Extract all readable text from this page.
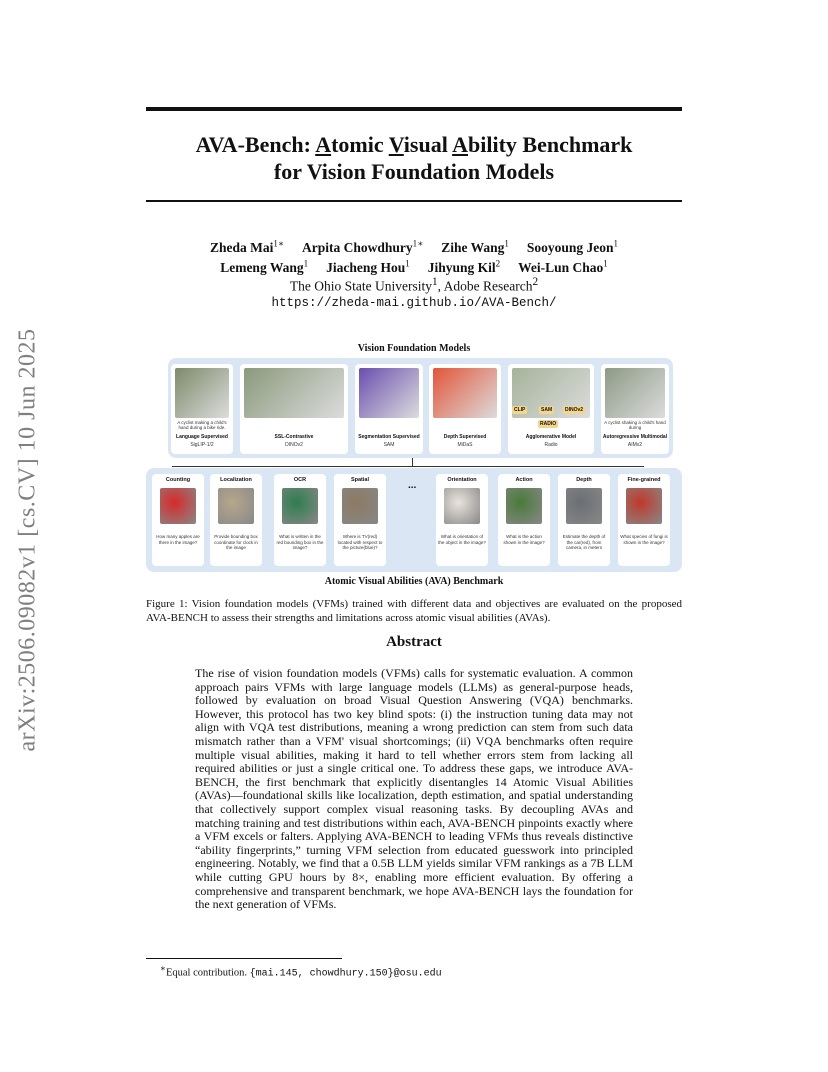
arXiv:2506.09082v1 [cs.CV] 10 Jun 2025
AVA-Bench: Atomic Visual Ability Benchmark
for Vision Foundation Models
Zheda Mai$^{1∗}$ Arpita Chowdhury$^{1∗}$ Zihe Wang$^1$ Sooyoung Jeon$^1$
Lemeng Wang$^1$ Jiacheng Hou$^1$ Jihyung Kil$^2$ Wei-Lun Chao$^1$
The Ohio State University$^1$, Adobe Research$^2$
https://zheda-mai.github.io/AVA-Bench/
Vision Foundation Models
A cyclist making a child's hand during a bike ride.
Language Supervised
SigLIP-1/2
SSL-Contrastive
DINOv2
Segmentation Supervised
SAM
Depth Supervised
MiDaS
Agglomerative Model
Radio
CLIP	SAM	DINOv2
RADIO	A cyclist shaking a child's hand during
Autoregressive Multimodal
AIMv2
Counting
How many apples are there in the image?
Localization
Provide bounding box coordinate for clock in the image
OCR
What is written in the red bounding box in the image?
Spatial
Where is TV(red) located with respect to the picture(blue)?
Orientation
What is orientation of the object in the image?
Action
What is the action shown in the image?
Depth
Estimate the depth of the car(red), from camera, in meters
Fine-grained
What species of fungi is shown in the image?
...
Atomic Visual Abilities (AVA) Benchmark
Figure 1: Vision foundation models (VFMs) trained with different data and objectives are evaluated on the proposed AVA-BENCH to assess their strengths and limitations across atomic visual abilities (AVAs).
Abstract
The rise of vision foundation models (VFMs) calls for systematic evaluation. A common approach pairs VFMs with large language models (LLMs) as general-purpose heads, followed by evaluation on broad Visual Question Answering (VQA) benchmarks. However, this protocol has two key blind spots: (i) the instruction tuning data may not align with VQA test distributions, meaning a wrong prediction can stem from such data mismatch rather than a VFM' visual shortcomings; (ii) VQA benchmarks often require multiple visual abilities, making it hard to tell whether errors stem from lacking all required abilities or just a single critical one. To address these gaps, we introduce AVA-BENCH, the first benchmark that explicitly disentangles 14 Atomic Visual Abilities (AVAs)—foundational skills like localization, depth estimation, and spatial understanding that collectively support complex visual reasoning tasks. By decoupling AVAs and matching training and test distributions within each, AVA-BENCH pinpoints exactly where a VFM excels or falters. Applying AVA-BENCH to leading VFMs thus reveals distinctive “ability fingerprints,” turning VFM selection from educated guesswork into principled engineering. Notably, we find that a 0.5B LLM yields similar VFM rankings as a 7B LLM while cutting GPU hours by 8×, enabling more efficient evaluation. By offering a comprehensive and transparent benchmark, we hope AVA-BENCH lays the foundation for the next generation of VFMs.
∗Equal contribution. {mai.145, chowdhury.150}@osu.edu
